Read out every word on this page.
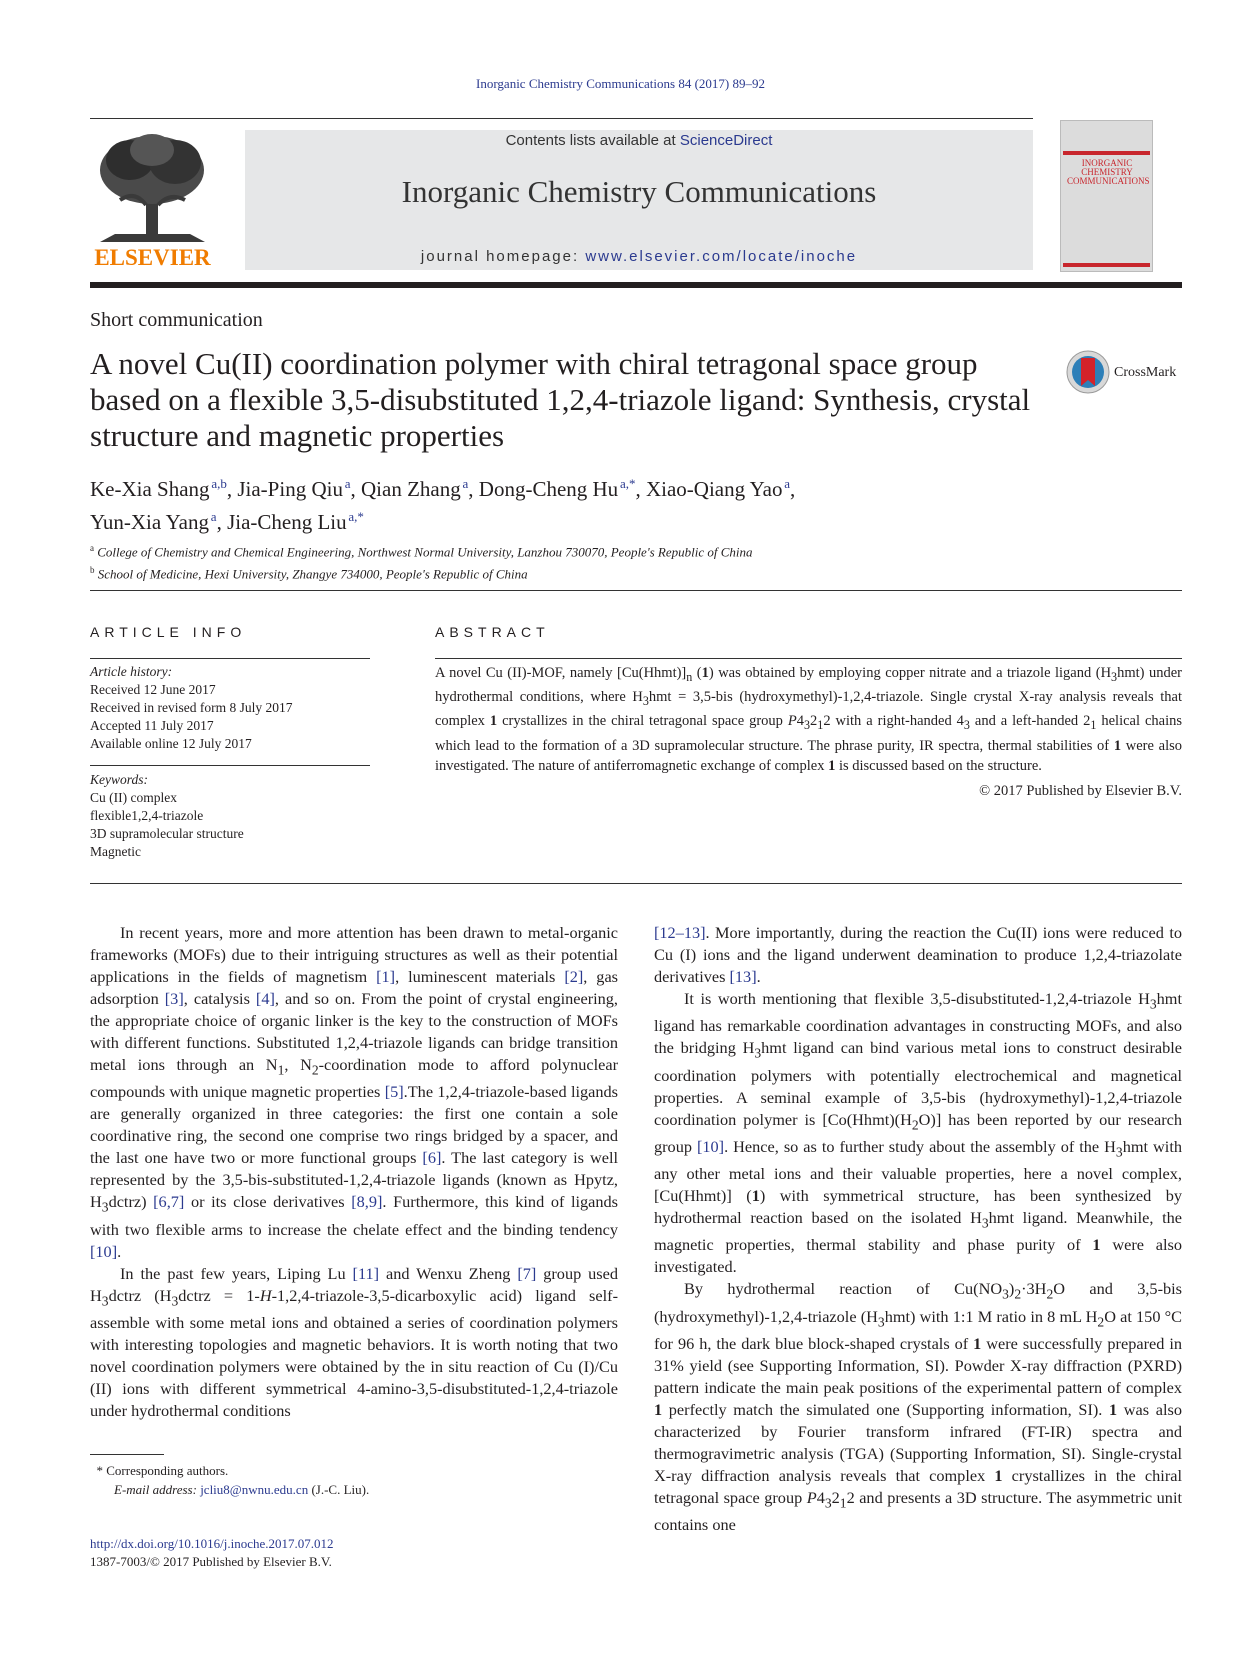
Inorganic Chemistry Communications 84 (2017) 89–92
ELSEVIER
Contents lists available at ScienceDirect
Inorganic Chemistry Communications
journal homepage: www.elsevier.com/locate/inoche
INORGANIC CHEMISTRY COMMUNICATIONS
Short communication
A novel Cu(II) coordination polymer with chiral tetragonal space group based on a flexible 3,5-disubstituted 1,2,4-triazole ligand: Synthesis, crystal structure and magnetic properties
CrossMark
Ke-Xia Shang  $^{a,b}$, Jia-Ping Qiu  $^a$, Qian Zhang  $^a$, Dong-Cheng Hu  $^{a,*}$, Xiao-Qiang Yao  $^a$,
Yun-Xia Yang  $^a$, Jia-Cheng Liu  $^{a,*}$
$^a$ College of Chemistry and Chemical Engineering, Northwest Normal University, Lanzhou 730070, People's Republic of China
$^b$ School of Medicine, Hexi University, Zhangye 734000, People's Republic of China
ARTICLE INFO
Article history:
Received 12 June 2017
Received in revised form 8 July 2017
Accepted 11 July 2017
Available online 12 July 2017
Keywords:
Cu (II) complex
flexible1,2,4-triazole
3D supramolecular structure
Magnetic
ABSTRACT
A novel Cu (II)-MOF, namely $[Cu(Hhmt)]_n$ (1) was obtained by employing copper nitrate and a triazole ligand $(H_3hmt)$ under hydrothermal conditions, where $H_3hmt = 3,5-bis$ (hydroxymethyl)-1,2,4-triazole. Single crystal X-ray analysis reveals that complex 1 crystallizes in the chiral tetragonal space group $P4_32_12$ with a right-handed $4_3$ and a left-handed $2_1$ helical chains which lead to the formation of a 3D supramolecular structure. The phrase purity, IR spectra, thermal stabilities of 1 were also investigated. The nature of antiferromagnetic exchange of complex 1 is discussed based on the structure.
© 2017 Published by Elsevier B.V.

In recent years, more and more attention has been drawn to metal-organic frameworks (MOFs) due to their intriguing structures as well as their potential applications in the fields of magnetism [1], luminescent materials [2], gas adsorption [3], catalysis [4], and so on. From the point of crystal engineering, the appropriate choice of organic linker is the key to the construction of MOFs with different functions. Substituted 1,2,4-triazole ligands can bridge transition metal ions through an $N_1$, $N_2$-coordination mode to afford polynuclear compounds with unique magnetic properties [5].The 1,2,4-triazole-based ligands are generally organized in three categories: the first one contain a sole coordinative ring, the second one comprise two rings bridged by a spacer, and the last one have two or more functional groups [6]. The last category is well represented by the 3,5-bis-substituted-1,2,4-triazole ligands (known as Hpytz, $H_3dctrz$) [6,7] or its close derivatives [8,9]. Furthermore, this kind of ligands with two flexible arms to increase the chelate effect and the binding tendency [10].

In the past few years, Liping Lu [11] and Wenxu Zheng [7] group used $H_3dctrz$ ($H_3dctrz$ = 1-H-1,2,4-triazole-3,5-dicarboxylic acid) ligand self-assemble with some metal ions and obtained a series of coordination polymers with interesting topologies and magnetic behaviors. It is worth noting that two novel coordination polymers were obtained by the in situ reaction of Cu (I)/Cu (II) ions with different symmetrical 4-amino-3,5-disubstituted-1,2,4-triazole under hydrothermal conditions

[12–13]. More importantly, during the reaction the Cu(II) ions were reduced to Cu (I) ions and the ligand underwent deamination to produce 1,2,4-triazolate derivatives [13].

It is worth mentioning that flexible 3,5-disubstituted-1,2,4-triazole $H_3hmt$ ligand has remarkable coordination advantages in constructing MOFs, and also the bridging $H_3hmt$ ligand can bind various metal ions to construct desirable coordination polymers with potentially electrochemical and magnetical properties. A seminal example of 3,5-bis (hydroxymethyl)-1,2,4-triazole coordination polymer is $[Co(Hhmt)(H_2O)]$ has been reported by our research group [10]. Hence, so as to further study about the assembly of the $H_3hmt$ with any other metal ions and their valuable properties, here a novel complex, [Cu(Hhmt)] (1) with symmetrical structure, has been synthesized by hydrothermal reaction based on the isolated $H_3hmt$ ligand. Meanwhile, the magnetic properties, thermal stability and phase purity of 1 were also investigated.

By hydrothermal reaction of $Cu(NO_3)_2\cdot 3H_2O$ and 3,5-bis (hydroxymethyl)-1,2,4-triazole $(H_3hmt)$ with 1:1 M ratio in 8 mL $H_2O$ at 150 °C for 96 h, the dark blue block-shaped crystals of 1 were successfully prepared in 31% yield (see Supporting Information, SI). Powder X-ray diffraction (PXRD) pattern indicate the main peak positions of the experimental pattern of complex 1 perfectly match the simulated one (Supporting information, SI). 1 was also characterized by Fourier transform infrared (FT-IR) spectra and thermogravimetric analysis (TGA) (Supporting Information, SI). Single-crystal X-ray diffraction analysis reveals that complex 1 crystallizes in the chiral tetragonal space group $P4_32_12$ and presents a 3D structure. The asymmetric unit contains one

* Corresponding authors.
E-mail address: jcliu8@nwnu.edu.cn (J.-C. Liu).
http://dx.doi.org/10.1016/j.inoche.2017.07.012
1387-7003/© 2017 Published by Elsevier B.V.
